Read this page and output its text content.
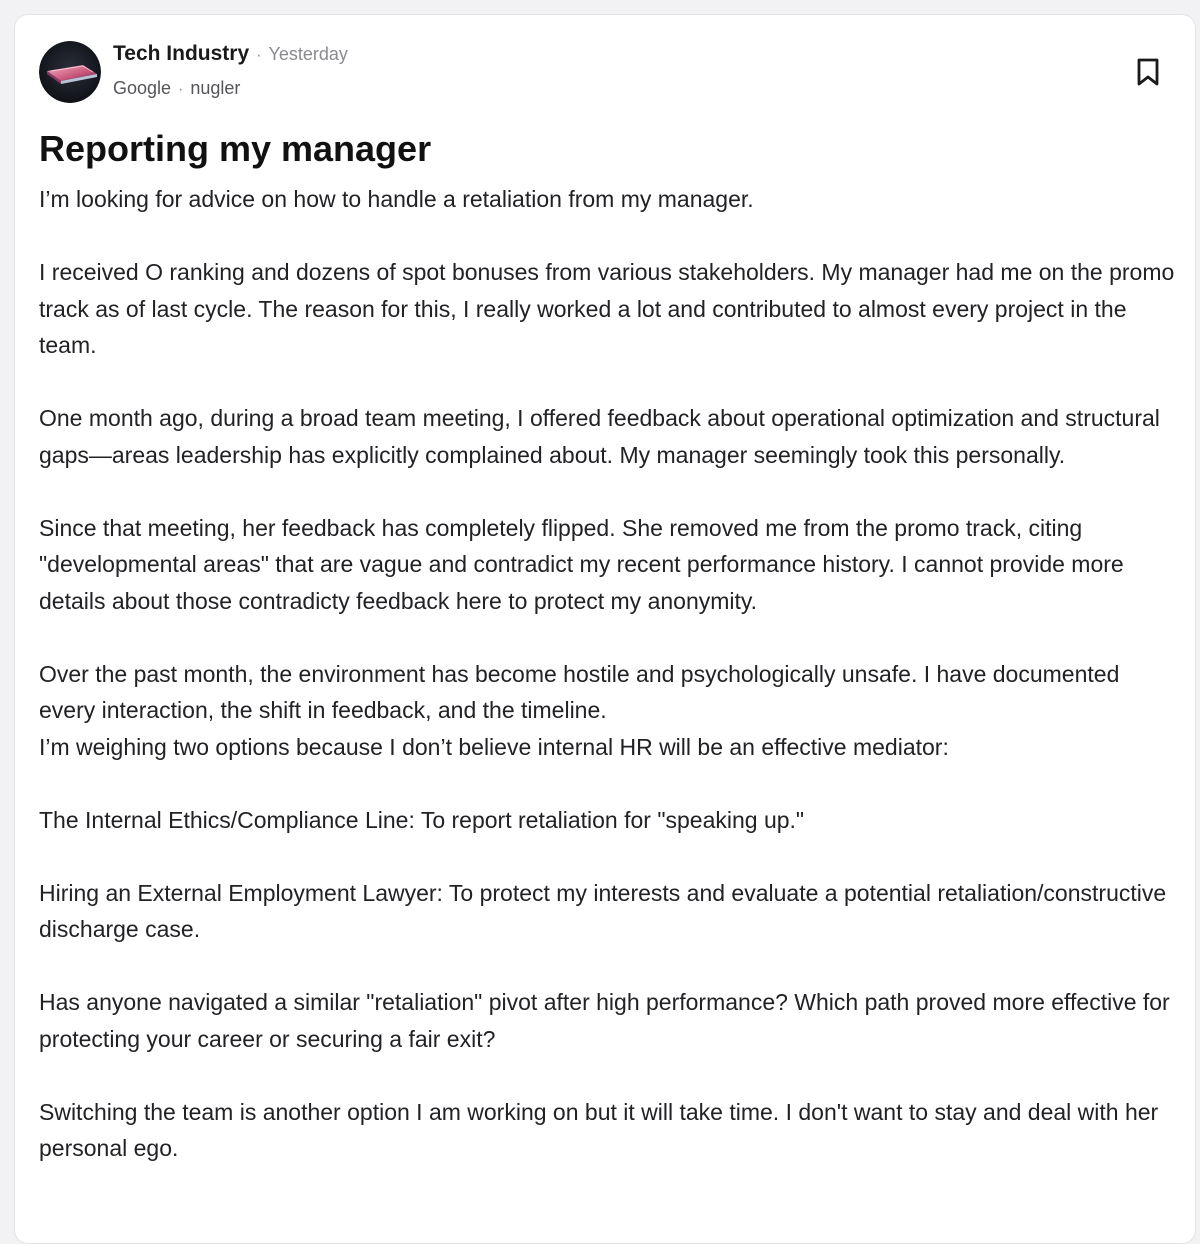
Tech Industry · Yesterday
Google · nugler
Reporting my manager

I’m looking for advice on how to handle a retaliation from my manager.

I received O ranking and dozens of spot bonuses from various stakeholders. My manager had me on the promo track as of last cycle. The reason for this, I really worked a lot and contributed to almost every project in the team.

One month ago, during a broad team meeting, I offered feedback about operational optimization and structural gaps—areas leadership has explicitly complained about. My manager seemingly took this personally.

Since that meeting, her feedback has completely flipped. She removed me from the promo track, citing "developmental areas" that are vague and contradict my recent performance history. I cannot provide more details about those contradicty feedback here to protect my anonymity.

Over the past month, the environment has become hostile and psychologically unsafe. I have documented every interaction, the shift in feedback, and the timeline.

I’m weighing two options because I don’t believe internal HR will be an effective mediator:

The Internal Ethics/Compliance Line: To report retaliation for "speaking up."

Hiring an External Employment Lawyer: To protect my interests and evaluate a potential retaliation/constructive discharge case.

Has anyone navigated a similar "retaliation" pivot after high performance? Which path proved more effective for protecting your career or securing a fair exit?

Switching the team is another option I am working on but it will take time. I don't want to stay and deal with her personal ego.
